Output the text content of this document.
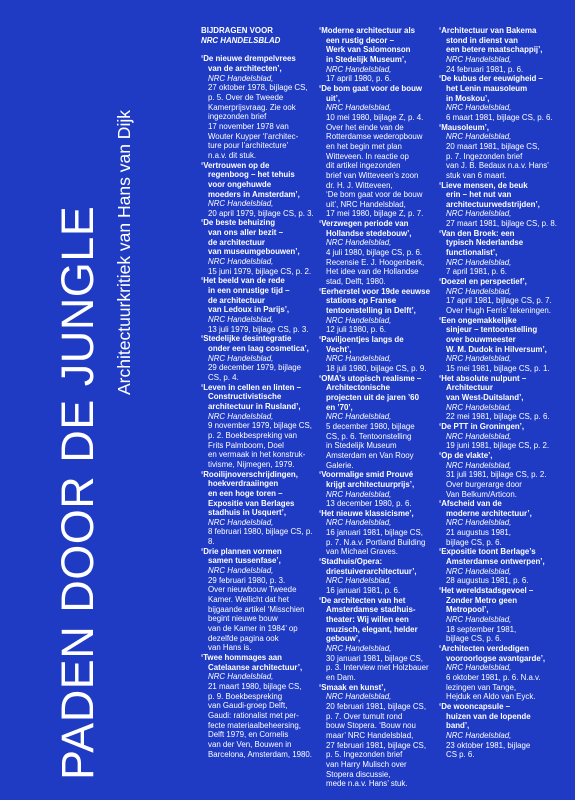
PADEN DOOR DE JUNGLE Architectuurkritiek van Hans van Dijk

BIJDRAGEN VOOR

NRC HANDELSBLAD

‘De nieuwe drempelvrees
van de architecten’,
NRC Handelsblad,
27 oktober 1978, bijlage CS,
p. 5. Over de Tweede
Kamerprijsvraag. Zie ook
ingezonden brief
17 november 1978 van
Wouter Kuyper ‘l’architec-
ture pour l’architecture’
n.a.v. dit stuk.
‘Vertrouwen op de
regenboog – het tehuis
voor ongehuwde
moeders in Amsterdam’,
NRC Handelsblad,
20 april 1979, bijlage CS, p. 3.
‘De beste behuizing
van ons aller bezit –
de architectuur
van museumgebouwen’,
NRC Handelsblad,
15 juni 1979, bijlage CS, p. 2.
‘Het beeld van de rede
in een onrustige tijd –
de architectuur
van Ledoux in Parijs’,
NRC Handelsblad,
13 juli 1979, bijlage CS, p. 3.
‘Stedelijke desintegratie
onder een laag cosmetica’,
NRC Handelsblad,
29 december 1979, bijlage
CS, p. 4.
‘Leven in cellen en linten –
Constructivistische
architectuur in Rusland’,
NRC Handelsblad,
9 november 1979, bijlage CS,
p. 2. Boekbespreking van
Frits Palmboom, Doel
en vermaak in het konstruk-
tivisme, Nijmegen, 1979.
‘Rooilijnoverschrijdingen,
hoekverdraaiingen
en een hoge toren –
Expositie van Berlages
stadhuis in Usquert’,
NRC Handelsblad,
8 februari 1980, bijlage CS, p. 8.
‘Drie plannen vormen
samen tussenfase’,
NRC Handelsblad,
29 februari 1980, p. 3.
Over nieuwbouw Tweede
Kamer. Wellicht dat het
bijgaande artikel ‘Misschien
begint nieuwe bouw
van de Kamer in 1984’ op
dezelfde pagina ook
van Hans is.
‘Twee hommages aan
Catelaanse architectuur’,
NRC Handelsblad,
21 maart 1980, bijlage CS,
p. 9. Boekbespreking
van Gaudi-groep Delft,
Gaudi: rationalist met per-
fecte materiaalbeheersing,
Delft 1979, en Cornelis
van der Ven, Bouwen in
Barcelona, Amsterdam, 1980.
‘Moderne architectuur als
een rustig decor –
Werk van Salomonson
in Stedelijk Museum’,
NRC Handelsblad,
17 april 1980, p. 6.
‘De bom gaat voor de bouw
uit’,
NRC Handelsblad,
10 mei 1980, bijlage Z, p. 4.
Over het einde van de
Rotterdamse wederopbouw
en het begin met plan
Witteveen. In reactie op
dit artikel ingezonden
brief van Witteveen’s zoon
dr. H. J. Witteveen,
‘De bom gaat voor de bouw
uit’, NRC Handelsblad,
17 mei 1980, bijlage Z, p. 7.
‘Verzwegen periode van
Hollandse stedebouw’,
NRC Handelsblad,
4 juli 1980, bijlage CS, p. 6.
Recensie E. J. Hoogenberk,
Het idee van de Hollandse
stad, Delft, 1980.
‘Eerherstel voor 19de eeuwse
stations op Franse
tentoonstelling in Delft’,
NRC Handelsblad,
12 juli 1980, p. 6.
‘Paviljoentjes langs de
Vecht’,
NRC Handelsblad,
18 juli 1980, bijlage CS, p. 9.
‘OMA’s utopisch realisme –
Architectonische
projecten uit de jaren ’60
en ’70’,
NRC Handelsblad,
5 december 1980, bijlage
CS, p. 6. Tentoonstelling
in Stedelijk Museum
Amsterdam en Van Rooy
Galerie.
‘Voormalige smid Prouvé
krijgt architectuurprijs’,
NRC Handelsblad,
13 december 1980, p. 6.
‘Het nieuwe klassicisme’,
NRC Handelsblad,
16 januari 1981, bijlage CS,
p. 7. N.a.v. Portland Building
van Michael Graves.
‘Stadhuis/Opera:
driestuiverarchitectuur’,
NRC Handelsblad,
16 januari 1981, p. 6.
‘De architecten van het
Amsterdamse stadhuis-
theater: Wij willen een
muzisch, elegant, helder
gebouw’,
NRC Handelsblad,
30 januari 1981, bijlage CS,
p. 3. Interview met Holzbauer
en Dam.
‘Smaak en kunst’,
NRC Handelsblad,
20 februari 1981, bijlage CS,
p. 7. Over tumult rond
bouw Stopera. ‘Bouw nou
maar’ NRC Handelsblad,
27 februari 1981, bijlage CS,
p. 5. Ingezonden brief
van Harry Mulisch over
Stopera discussie,
mede n.a.v. Hans’ stuk.
‘Architectuur van Bakema
stond in dienst van
een betere maatschappij’,
NRC Handelsblad,
24 februari 1981, p. 6.
‘De kubus der eeuwigheid –
het Lenin mausoleum
in Moskou’,
NRC Handelsblad,
6 maart 1981, bijlage CS, p. 6.
‘Mausoleum’,
NRC Handelsblad,
20 maart 1981, bijlage CS,
p. 7. Ingezonden brief
van J. B. Bedaux n.a.v. Hans’
stuk van 6 maart.
‘Lieve mensen, de beuk
erin – het nut van
architectuurwedstrijden’,
NRC Handelsblad,
27 maart 1981, bijlage CS, p. 8.
‘Van den Broek: een
typisch Nederlandse
functionalist’,
NRC Handelsblad,
7 april 1981, p. 6.
‘Doezel en perspectief’,
NRC Handelsblad,
17 april 1981, bijlage CS, p. 7.
Over Hugh Ferris’ tekeningen.
‘Een ongemakkelijke
sinjeur – tentoonstelling
over bouwmeester
W. M. Dudok in Hilversum’,
NRC Handelsblad,
15 mei 1981, bijlage CS, p. 1.
‘Het absolute nulpunt –
Architectuur
van West-Duitsland’,
NRC Handelsblad,
22 mei 1981, bijlage CS, p. 6.
‘De PTT in Groningen’,
NRC Handelsblad,
19 juni 1981, bijlage CS, p. 2.
‘Op de vlakte’,
NRC Handelsblad,
31 juli 1981, bijlage CS, p. 2.
Over burgerarge door
Van Belkum/Articon.
‘Afscheid van de
moderne architectuur’,
NRC Handelsblad,
21 augustus 1981,
bijlage CS, p. 6.
‘Expositie toont Berlage’s
Amsterdamse ontwerpen’,
NRC Handelsblad,
28 augustus 1981, p. 6.
‘Het wereldstadsgevoel –
Zonder Metro geen
Metropool’,
NRC Handelsblad,
18 september 1981,
bijlage CS, p. 6.
‘Architecten verdedigen
vooroorlogse avantgarde’,
NRC Handelsblad,
6 oktober 1981, p. 6. N.a.v.
lezingen van Tange,
Hejduk en Aldo van Eyck.
‘De wooncapsule –
huizen van de lopende
band’,
NRC Handelsblad,
23 oktober 1981, bijlage
CS p. 6.
